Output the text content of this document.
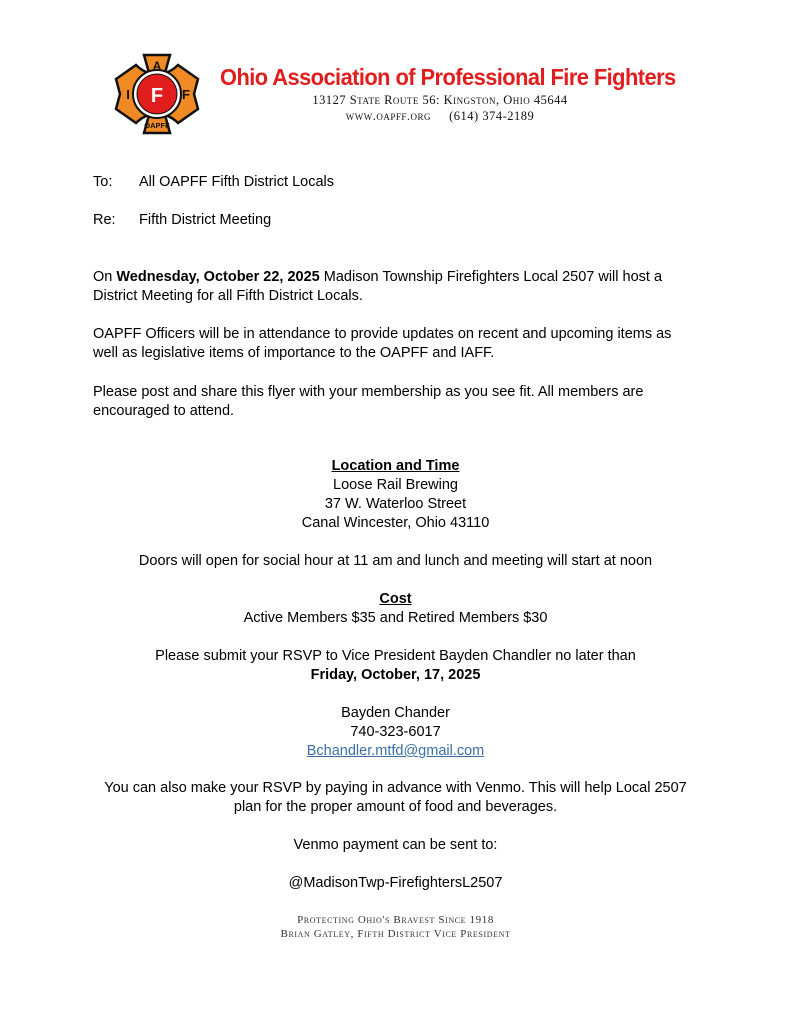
A
I	F
F
OAPFF
Ohio Association of Professional Fire Fighters
13127 State Route 56: Kingston, Ohio 45644
www.oapff.org (614) 374-2189
To: All OAPFF Fifth District Locals
Re: Fifth District Meeting
On Wednesday, October 22, 2025 Madison Township Firefighters Local 2507 will host a
District Meeting for all Fifth District Locals.
OAPFF Officers will be in attendance to provide updates on recent and upcoming items as
well as legislative items of importance to the OAPFF and IAFF.
Please post and share this flyer with your membership as you see fit. All members are
encouraged to attend.
Location and Time
Loose Rail Brewing
37 W. Waterloo Street
Canal Wincester, Ohio 43110
Doors will open for social hour at 11 am and lunch and meeting will start at noon
Cost
Active Members $35 and Retired Members $30
Please submit your RSVP to Vice President Bayden Chandler no later than
Friday, October, 17, 2025
Bayden Chander
740-323-6017
Bchandler.mtfd@gmail.com
You can also make your RSVP by paying in advance with Venmo. This will help Local 2507
plan for the proper amount of food and beverages.
Venmo payment can be sent to:
@MadisonTwp-FirefightersL2507
Protecting Ohio's Bravest Since 1918
Brian Gatley, Fifth District Vice President
